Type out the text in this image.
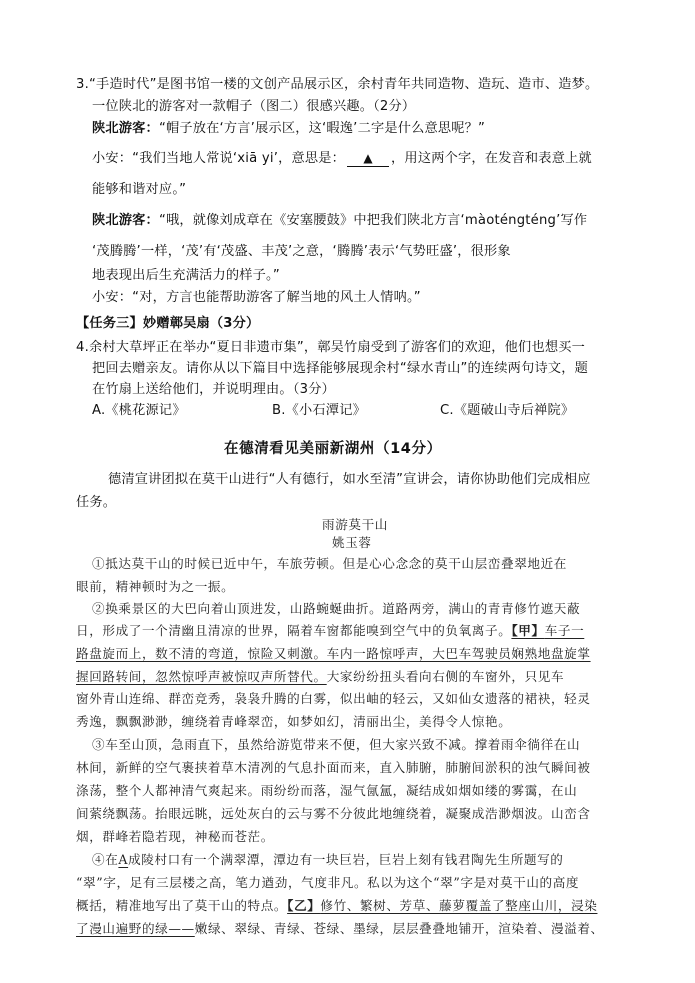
3.“手造时代”是图书馆一楼的文创产品展示区，余村青年共同造物、造玩、造市、造梦。
一位陕北的游客对一款帽子（图二）很感兴趣。（2分）
陕北游客：“帽子放在‘方言’展示区，这‘暇逸’二字是什么意思呢？”
小安：“我们当地人常说‘xiā yi’，意思是： ▲ ，用这两个字，在发音和表意上就
能够和谐对应。”
陕北游客：“哦，就像刘成章在《安塞腰鼓》中把我们陕北方言‘màoténgténg’写作
‘茂腾腾’一样，‘茂’有‘茂盛、丰茂’之意，‘腾腾’表示‘气势旺盛’，很形象
地表现出后生充满活力的样子。”
小安：“对，方言也能帮助游客了解当地的风土人情呐。”
【任务三】妙赠鄣吴扇（3分）
4.余村大草坪正在举办“夏日非遗市集”，鄣吴竹扇受到了游客们的欢迎，他们也想买一
把回去赠亲友。请你从以下篇目中选择能够展现余村“绿水青山”的连续两句诗文，题
在竹扇上送给他们，并说明理由。（3分）
A.《桃花源记》	B.《小石潭记》	C.《题破山寺后禅院》
在德清看见美丽新湖州（14分）
德清宣讲团拟在莫干山进行“人有德行，如水至清”宣讲会，请你协助他们完成相应
任务。
雨游莫干山
姚玉蓉
①抵达莫干山的时候已近中午，车旅劳顿。但是心心念念的莫干山层峦叠翠地近在
眼前，精神顿时为之一振。
②换乘景区的大巴向着山顶进发，山路蜿蜒曲折。道路两旁，满山的青青修竹遮天蔽
日，形成了一个清幽且清凉的世界，隔着车窗都能嗅到空气中的负氧离子。【甲】车子一
路盘旋而上，数不清的弯道，惊险又刺激。车内一路惊呼声，大巴车驾驶员娴熟地盘旋掌
握回路转间，忽然惊呼声被惊叹声所替代。大家纷纷扭头看向右侧的车窗外，只见车
窗外青山连绵、群峦竞秀，袅袅升腾的白雾，似出岫的轻云，又如仙女遗落的裙袂，轻灵
秀逸，飘飘渺渺，缠绕着青峰翠峦，如梦如幻，清丽出尘，美得令人惊艳。
③车至山顶，急雨直下，虽然给游览带来不便，但大家兴致不减。撑着雨伞徜徉在山
林间，新鲜的空气裹挟着草木清冽的气息扑面而来，直入肺腑，肺腑间淤积的浊气瞬间被
涤荡，整个人都神清气爽起来。雨纷纷而落，湿气氤氲，凝结成如烟如缕的雾霭，在山
间萦绕飘荡。抬眼远眺，远处灰白的云与雾不分彼此地缠绕着，凝聚成浩渺烟波。山峦含
烟，群峰若隐若现，神秘而苍茫。
④在A成陵村口有一个满翠潭，潭边有一块巨岩，巨岩上刻有钱君陶先生所题写的
“翠”字，足有三层楼之高，笔力遒劲，气度非凡。私以为这个“翠”字是对莫干山的高度
概括，精准地写出了莫干山的特点。【乙】修竹、繁树、芳草、藤萝覆盖了整座山川，浸染
了漫山遍野的绿——嫩绿、翠绿、青绿、苍绿、墨绿，层层叠叠地铺开，渲染着、漫溢着、
